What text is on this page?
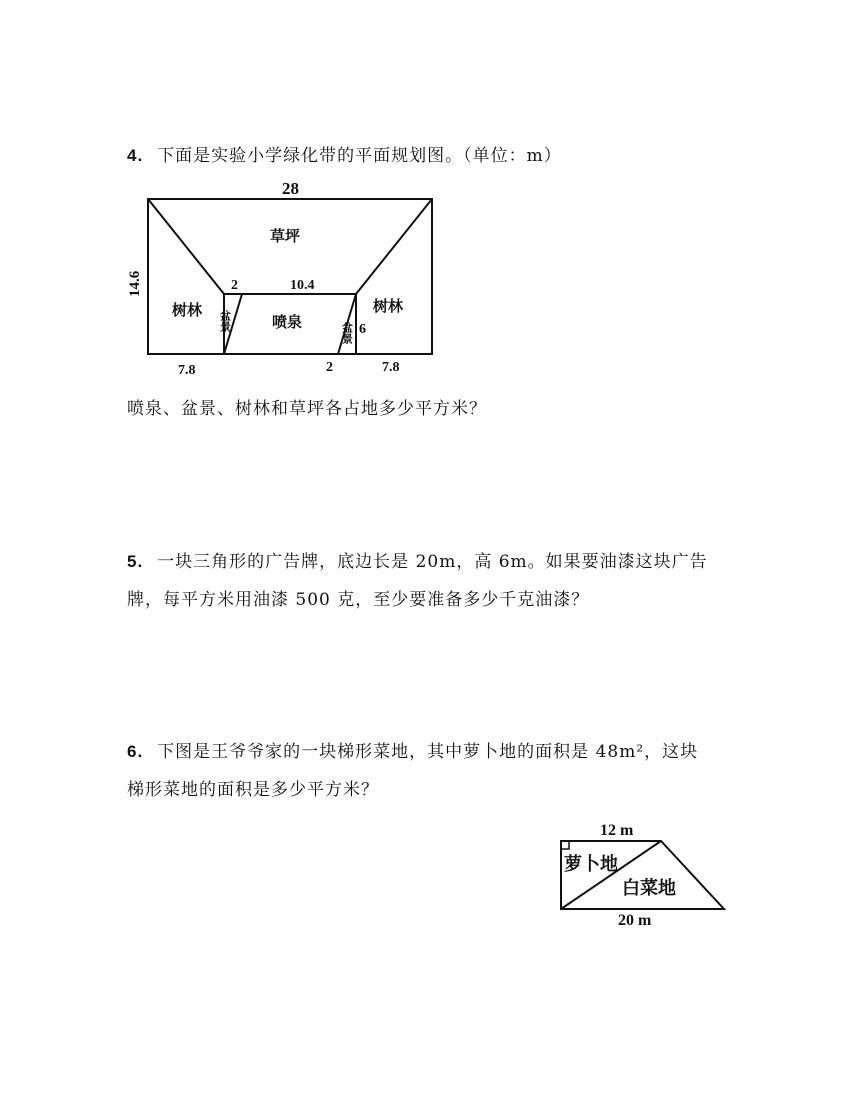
4. 下面是实验小学绿化带的平面规划图。（单位：m）
28
14.6
草坪
10.4
2
树林
喷泉
树林
盆景
盆景 6
2
7.8	7.8
喷泉、盆景、树林和草坪各占地多少平方米？
5. 一块三角形的广告牌，底边长是 20m，高 6m。如果要油漆这块广告
牌，每平方米用油漆 500 克，至少要准备多少千克油漆？
6. 下图是王爷爷家的一块梯形菜地，其中萝卜地的面积是 48m²，这块
梯形菜地的面积是多少平方米？
12 m
萝卜地
白菜地
20 m
